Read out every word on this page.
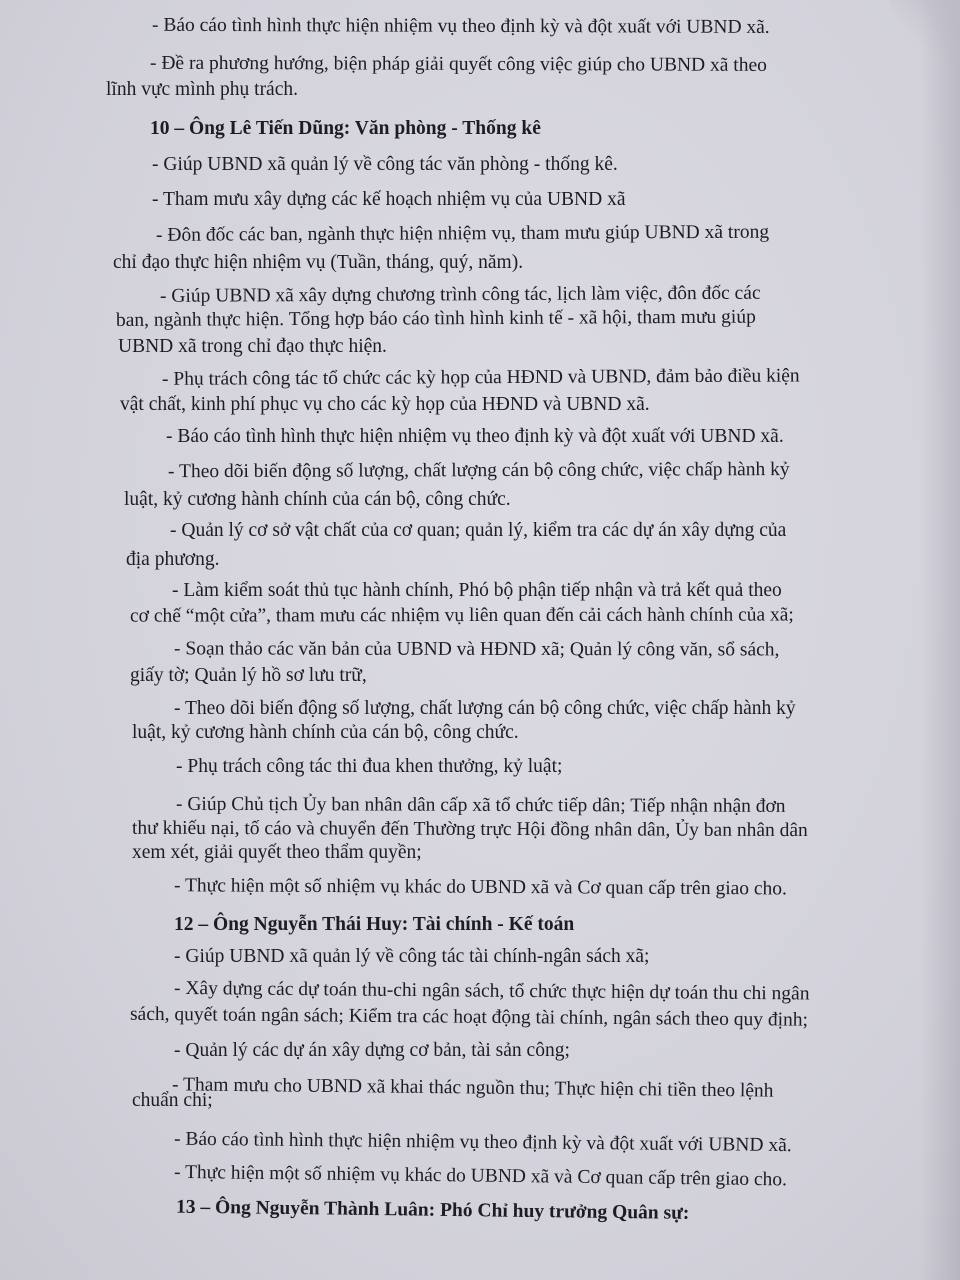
- Báo cáo tình hình thực hiện nhiệm vụ theo định kỳ và đột xuất với UBND xã.
- Đề ra phương hướng, biện pháp giải quyết công việc giúp cho UBND xã theo
lĩnh vực mình phụ trách.
10 – Ông Lê Tiến Dũng: Văn phòng - Thống kê
- Giúp UBND xã quản lý về công tác văn phòng - thống kê.
- Tham mưu xây dựng các kế hoạch nhiệm vụ của UBND xã
- Đôn đốc các ban, ngành thực hiện nhiệm vụ, tham mưu giúp UBND xã trong
chỉ đạo thực hiện nhiệm vụ (Tuần, tháng, quý, năm).
- Giúp UBND xã xây dựng chương trình công tác, lịch làm việc, đôn đốc các
ban, ngành thực hiện. Tổng hợp báo cáo tình hình kinh tế - xã hội, tham mưu giúp
UBND xã trong chỉ đạo thực hiện.
- Phụ trách công tác tổ chức các kỳ họp của HĐND và UBND, đảm bảo điều kiện
vật chất, kinh phí phục vụ cho các kỳ họp của HĐND và UBND xã.
- Báo cáo tình hình thực hiện nhiệm vụ theo định kỳ và đột xuất với UBND xã.
- Theo dõi biến động số lượng, chất lượng cán bộ công chức, việc chấp hành kỷ
luật, kỷ cương hành chính của cán bộ, công chức.
- Quản lý cơ sở vật chất của cơ quan; quản lý, kiểm tra các dự án xây dựng của
địa phương.
- Làm kiểm soát thủ tục hành chính, Phó bộ phận tiếp nhận và trả kết quả theo
cơ chế “một cửa”, tham mưu các nhiệm vụ liên quan đến cải cách hành chính của xã;
- Soạn thảo các văn bản của UBND và HĐND xã; Quản lý công văn, sổ sách,
giấy tờ; Quản lý hồ sơ lưu trữ,
- Theo dõi biến động số lượng, chất lượng cán bộ công chức, việc chấp hành kỷ
luật, kỷ cương hành chính của cán bộ, công chức.
- Phụ trách công tác thi đua khen thưởng, kỷ luật;
- Giúp Chủ tịch Ủy ban nhân dân cấp xã tổ chức tiếp dân; Tiếp nhận nhận đơn
thư khiếu nại, tố cáo và chuyển đến Thường trực Hội đồng nhân dân, Ủy ban nhân dân
xem xét, giải quyết theo thẩm quyền;
- Thực hiện một số nhiệm vụ khác do UBND xã và Cơ quan cấp trên giao cho.
12 – Ông Nguyễn Thái Huy: Tài chính - Kế toán
- Giúp UBND xã quản lý về công tác tài chính-ngân sách xã;
- Xây dựng các dự toán thu-chi ngân sách, tổ chức thực hiện dự toán thu chi ngân
sách, quyết toán ngân sách; Kiểm tra các hoạt động tài chính, ngân sách theo quy định;
- Quản lý các dự án xây dựng cơ bản, tài sản công;
- Tham mưu cho UBND xã khai thác nguồn thu; Thực hiện chi tiền theo lệnh
chuẩn chi;
- Báo cáo tình hình thực hiện nhiệm vụ theo định kỳ và đột xuất với UBND xã.
- Thực hiện một số nhiệm vụ khác do UBND xã và Cơ quan cấp trên giao cho.
13 – Ông Nguyễn Thành Luân: Phó Chỉ huy trưởng Quân sự:
